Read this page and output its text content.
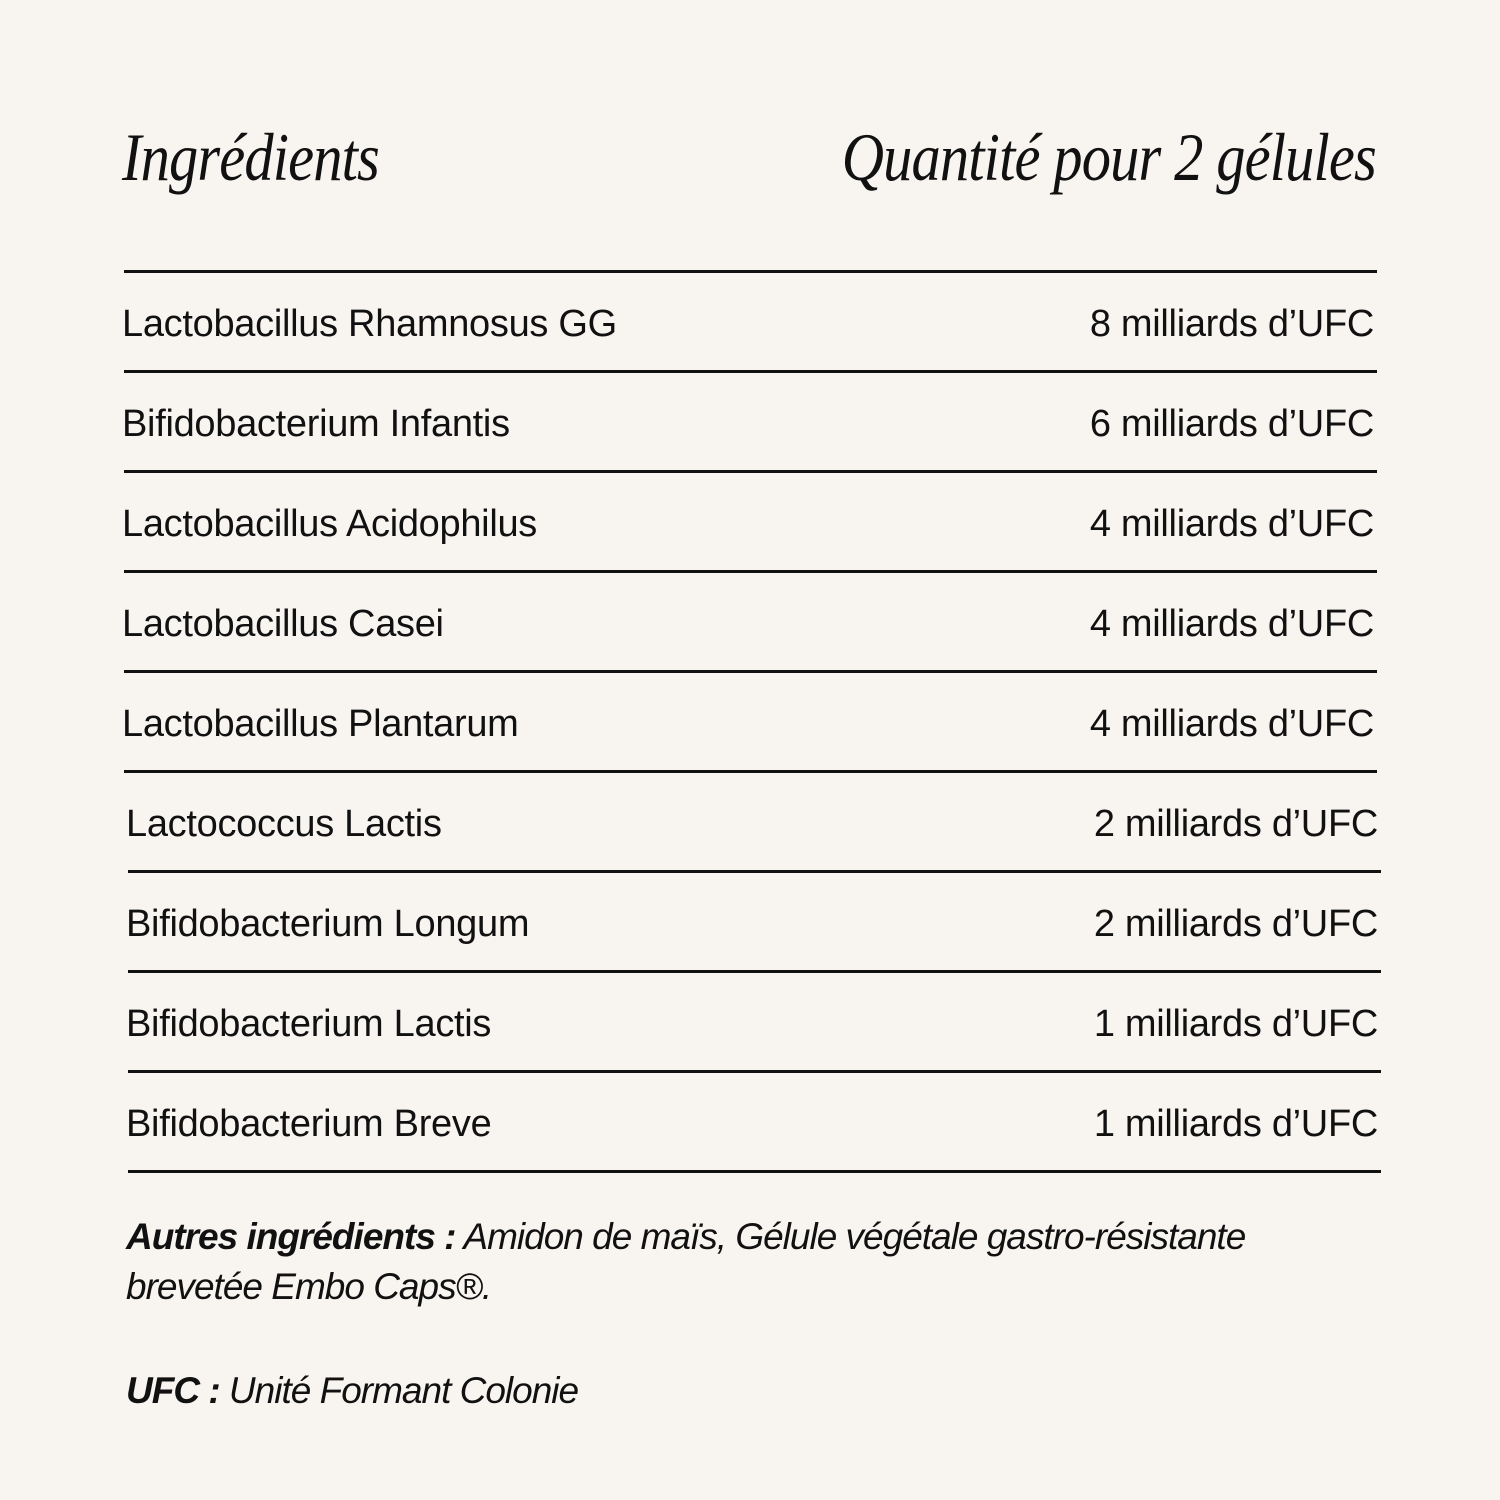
Ingrédients	Quantité pour 2 gélules
Lactobacillus Rhamnosus GG	8 milliards d’UFC
Bifidobacterium Infantis	6 milliards d’UFC
Lactobacillus Acidophilus	4 milliards d’UFC
Lactobacillus Casei	4 milliards d’UFC
Lactobacillus Plantarum	4 milliards d’UFC
Lactococcus Lactis	2 milliards d’UFC
Bifidobacterium Longum	2 milliards d’UFC
Bifidobacterium Lactis	1 milliards d’UFC
Bifidobacterium Breve	1 milliards d’UFC
Autres ingrédients : Amidon de maïs, Gélule végétale gastro-résistante brevetée Embo Caps®.
UFC : Unité Formant Colonie
